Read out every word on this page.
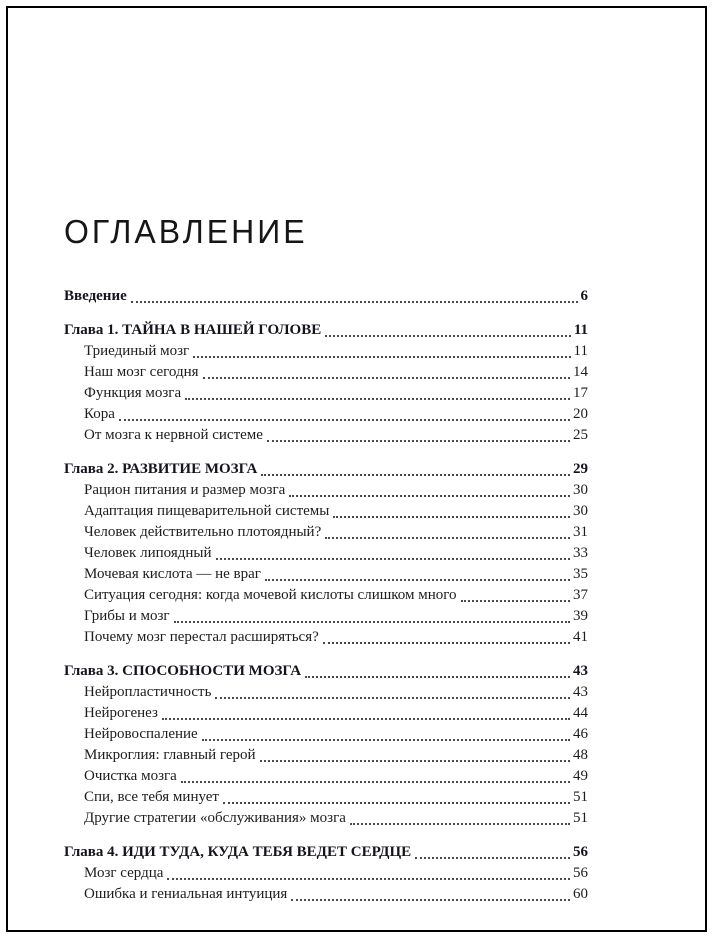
ОГЛАВЛЕНИЕ
Введение	6
Глава 1. ТАЙНА В НАШЕЙ ГОЛОВЕ	11
Триединый мозг	11
Наш мозг сегодня	14
Функция мозга	17
Кора	20
От мозга к нервной системе	25
Глава 2. РАЗВИТИЕ МОЗГА	29
Рацион питания и размер мозга	30
Адаптация пищеварительной системы	30
Человек действительно плотоядный?	31
Человек липоядный	33
Мочевая кислота — не враг	35
Ситуация сегодня: когда мочевой кислоты слишком много	37
Грибы и мозг	39
Почему мозг перестал расширяться?	41
Глава 3. СПОСОБНОСТИ МОЗГА	43
Нейропластичность	43
Нейрогенез	44
Нейровоспаление	46
Микроглия: главный герой	48
Очистка мозга	49
Спи, все тебя минует	51
Другие стратегии «обслуживания» мозга	51
Глава 4. ИДИ ТУДА, КУДА ТЕБЯ ВЕДЕТ СЕРДЦЕ	56
Мозг сердца	56
Ошибка и гениальная интуиция	60
